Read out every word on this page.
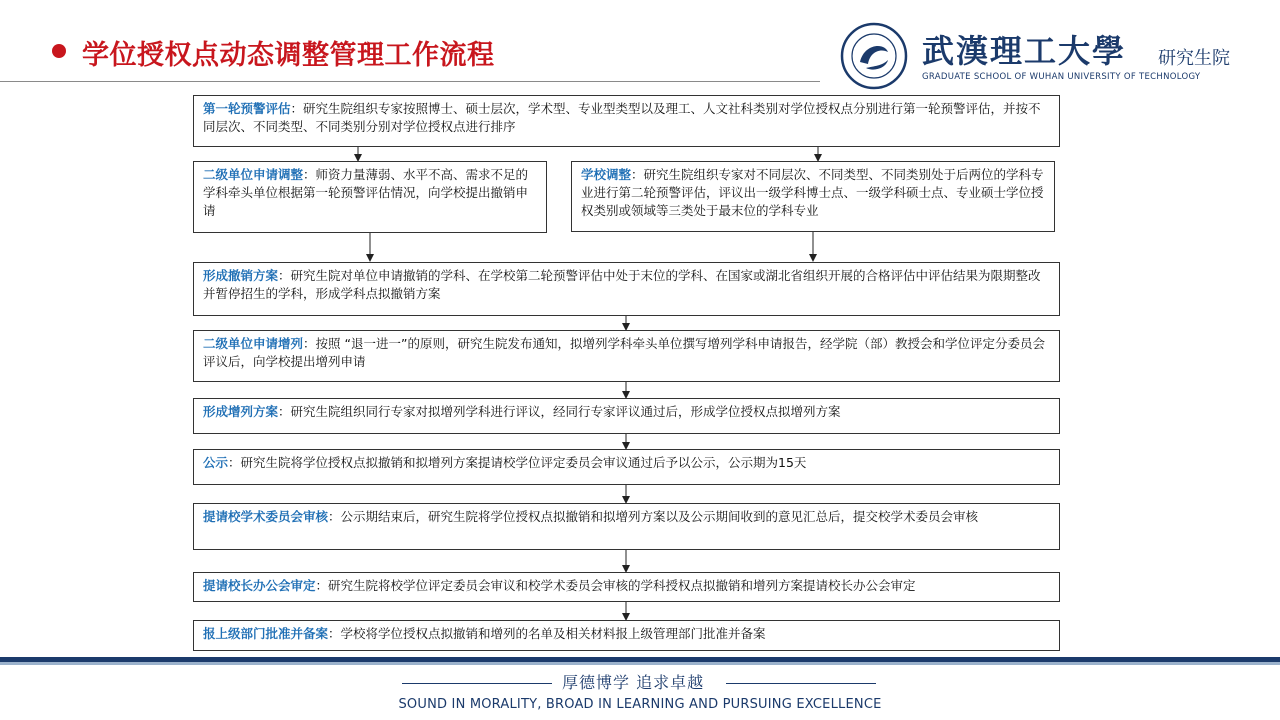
学位授权点动态调整管理工作流程	武漢理工大學 研究生院
GRADUATE SCHOOL OF WUHAN UNIVERSITY OF TECHNOLOGY
第一轮预警评估：研究生院组织专家按照博士、硕士层次，学术型、专业型类型以及理工、人文社科类别对学位授权点分别进行第一轮预警评估，并按不同层次、不同类型、不同类别分别对学位授权点进行排序
二级单位申请调整：师资力量薄弱、水平不高、需求不足的学科牵头单位根据第一轮预警评估情况，向学校提出撤销申请
学校调整：研究生院组织专家对不同层次、不同类型、不同类别处于后两位的学科专业进行第二轮预警评估，评议出一级学科博士点、一级学科硕士点、专业硕士学位授权类别或领域等三类处于最末位的学科专业
形成撤销方案：研究生院对单位申请撤销的学科、在学校第二轮预警评估中处于末位的学科、在国家或湖北省组织开展的合格评估中评估结果为限期整改并暂停招生的学科，形成学科点拟撤销方案
二级单位申请增列：按照 “退一进一”的原则，研究生院发布通知，拟增列学科牵头单位撰写增列学科申请报告，经学院（部）教授会和学位评定分委员会评议后，向学校提出增列申请
形成增列方案：研究生院组织同行专家对拟增列学科进行评议，经同行专家评议通过后，形成学位授权点拟增列方案
公示：研究生院将学位授权点拟撤销和拟增列方案提请校学位评定委员会审议通过后予以公示，公示期为15天
提请校学术委员会审核：公示期结束后，研究生院将学位授权点拟撤销和拟增列方案以及公示期间收到的意见汇总后，提交校学术委员会审核
提请校长办公会审定：研究生院将校学位评定委员会审议和校学术委员会审核的学科授权点拟撤销和增列方案提请校长办公会审定
报上级部门批准并备案：学校将学位授权点拟撤销和增列的名单及相关材料报上级管理部门批准并备案
厚德博学 追求卓越
SOUND IN MORALITY, BROAD IN LEARNING AND PURSUING EXCELLENCE
